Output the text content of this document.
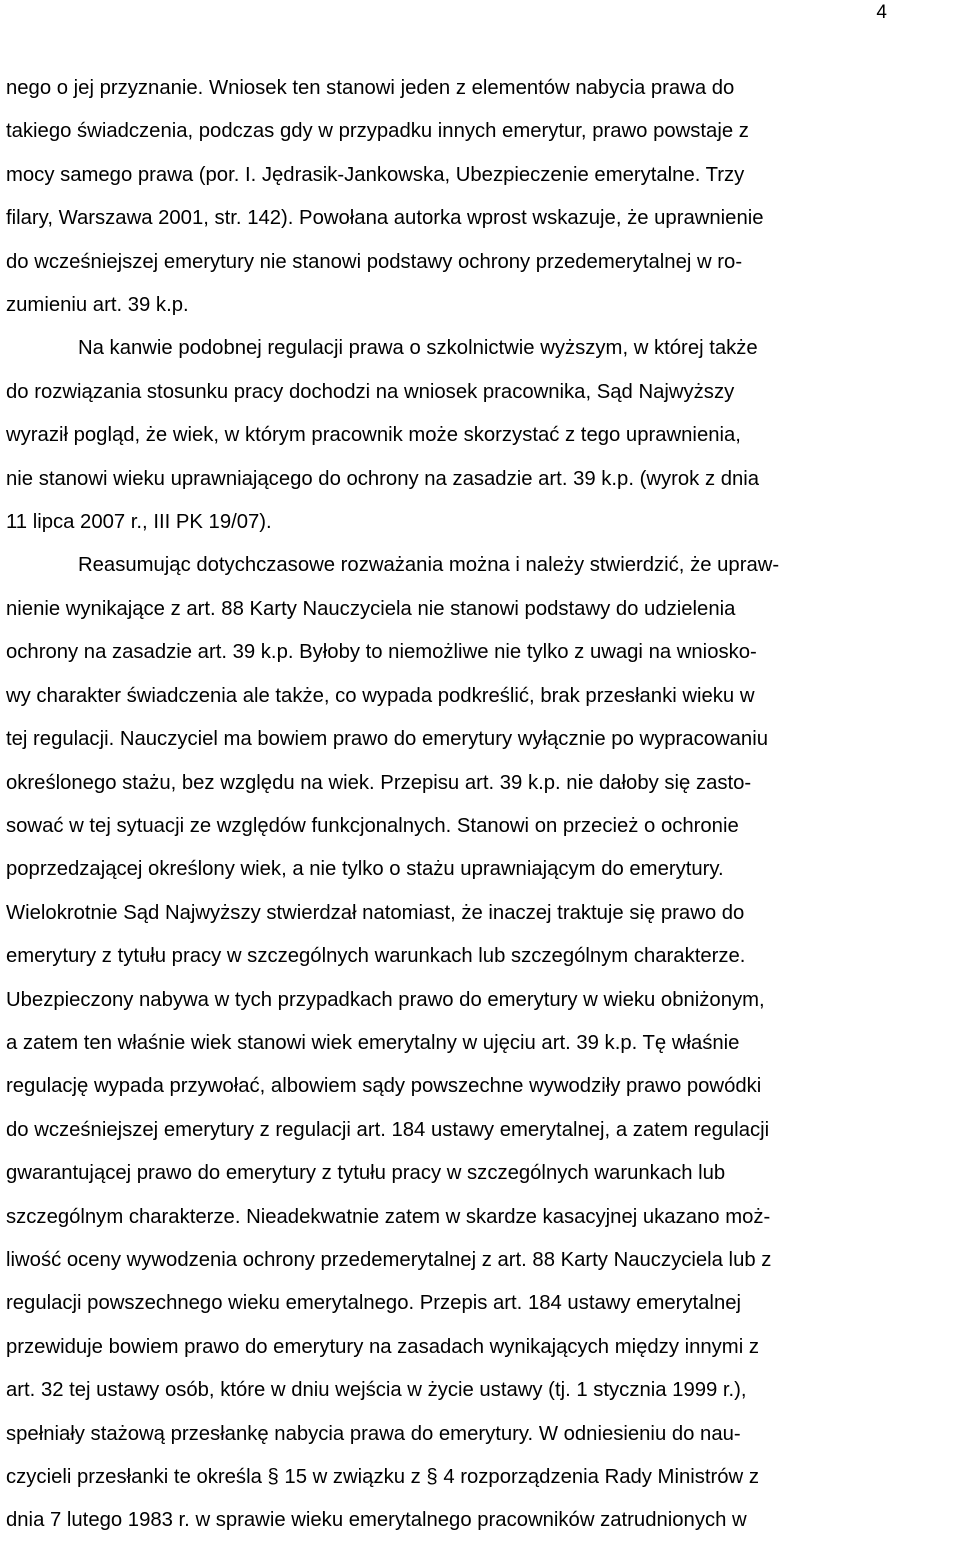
4

nego o jej przyznanie. Wniosek ten stanowi jeden z elementów nabycia prawa do
takiego świadczenia, podczas gdy w przypadku innych emerytur, prawo powstaje z
mocy samego prawa (por. I. Jędrasik-Jankowska, Ubezpieczenie emerytalne. Trzy
filary, Warszawa 2001, str. 142). Powołana autorka wprost wskazuje, że uprawnienie
do wcześniejszej emerytury nie stanowi podstawy ochrony przedemerytalnej w ro-
zumieniu art. 39 k.p.

Na kanwie podobnej regulacji prawa o szkolnictwie wyższym, w której także
do rozwiązania stosunku pracy dochodzi na wniosek pracownika, Sąd Najwyższy
wyraził pogląd, że wiek, w którym pracownik może skorzystać z tego uprawnienia,
nie stanowi wieku uprawniającego do ochrony na zasadzie art. 39 k.p. (wyrok z dnia
11 lipca 2007 r., III PK 19/07).

Reasumując dotychczasowe rozważania można i należy stwierdzić, że upraw-
nienie wynikające z art. 88 Karty Nauczyciela nie stanowi podstawy do udzielenia
ochrony na zasadzie art. 39 k.p. Byłoby to niemożliwe nie tylko z uwagi na wniosko-
wy charakter świadczenia ale także, co wypada podkreślić, brak przesłanki wieku w
tej regulacji. Nauczyciel ma bowiem prawo do emerytury wyłącznie po wypracowaniu
określonego stażu, bez względu na wiek. Przepisu art. 39 k.p. nie dałoby się zasto-
sować w tej sytuacji ze względów funkcjonalnych. Stanowi on przecież o ochronie
poprzedzającej określony wiek, a nie tylko o stażu uprawniającym do emerytury.
Wielokrotnie Sąd Najwyższy stwierdzał natomiast, że inaczej traktuje się prawo do
emerytury z tytułu pracy w szczególnych warunkach lub szczególnym charakterze.
Ubezpieczony nabywa w tych przypadkach prawo do emerytury w wieku obniżonym,
a zatem ten właśnie wiek stanowi wiek emerytalny w ujęciu art. 39 k.p. Tę właśnie
regulację wypada przywołać, albowiem sądy powszechne wywodziły prawo powódki
do wcześniejszej emerytury z regulacji art. 184 ustawy emerytalnej, a zatem regulacji
gwarantującej prawo do emerytury z tytułu pracy w szczególnych warunkach lub
szczególnym charakterze. Nieadekwatnie zatem w skardze kasacyjnej ukazano moż-
liwość oceny wywodzenia ochrony przedemerytalnej z art. 88 Karty Nauczyciela lub z
regulacji powszechnego wieku emerytalnego. Przepis art. 184 ustawy emerytalnej
przewiduje bowiem prawo do emerytury na zasadach wynikających między innymi z
art. 32 tej ustawy osób, które w dniu wejścia w życie ustawy (tj. 1 stycznia 1999 r.),
spełniały stażową przesłankę nabycia prawa do emerytury. W odniesieniu do nau-
czycieli przesłanki te określa § 15 w związku z § 4 rozporządzenia Rady Ministrów z
dnia 7 lutego 1983 r. w sprawie wieku emerytalnego pracowników zatrudnionych w
